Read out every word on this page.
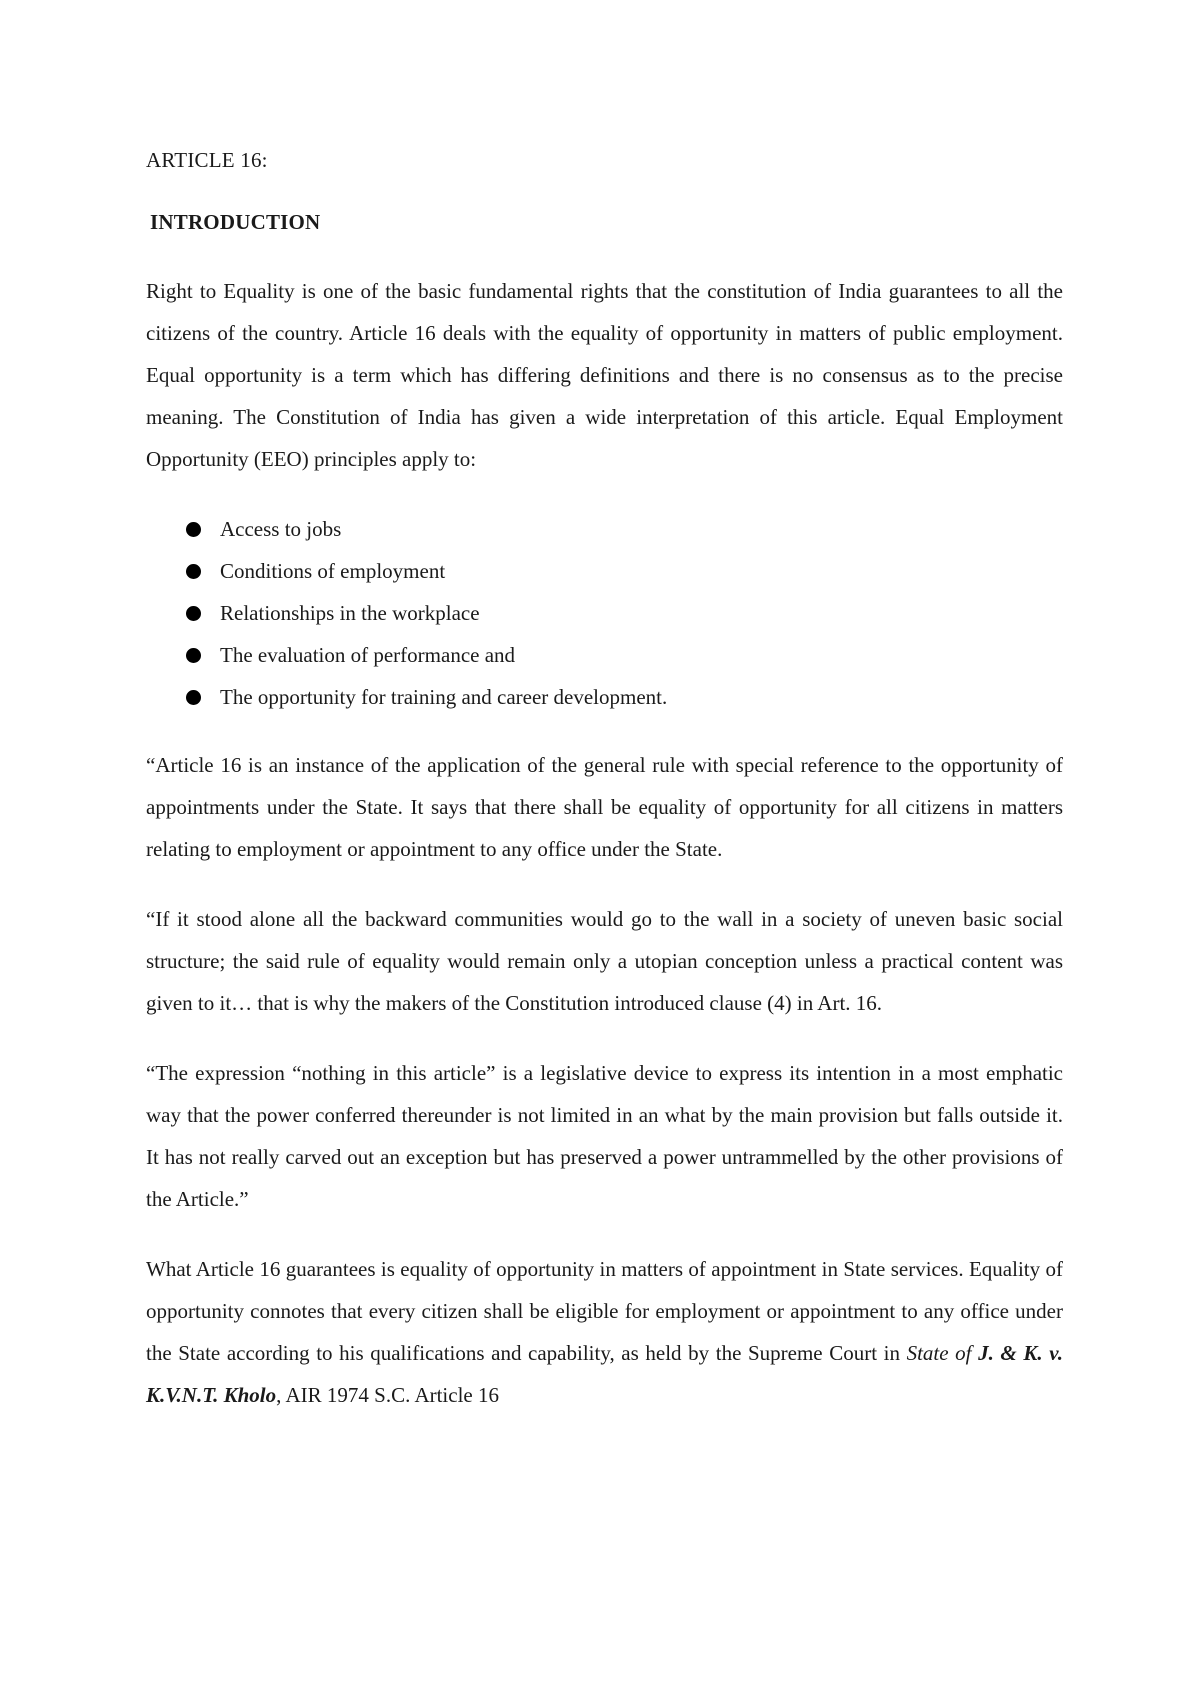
ARTICLE 16:
INTRODUCTION

Right to Equality is one of the basic fundamental rights that the constitution of India guarantees to all the citizens of the country. Article 16 deals with the equality of opportunity in matters of public employment. Equal opportunity is a term which has differing definitions and there is no consensus as to the precise meaning. The Constitution of India has given a wide interpretation of this article. Equal Employment Opportunity (EEO) principles apply to:

Access to jobs
Conditions of employment
Relationships in the workplace
The evaluation of performance and
The opportunity for training and career development.

“Article 16 is an instance of the application of the general rule with special reference to the opportunity of appointments under the State. It says that there shall be equality of opportunity for all citizens in matters relating to employment or appointment to any office under the State.

“If it stood alone all the backward communities would go to the wall in a society of uneven basic social structure; the said rule of equality would remain only a utopian conception unless a practical content was given to it… that is why the makers of the Constitution introduced clause (4) in Art. 16.

“The expression “nothing in this article” is a legislative device to express its intention in a most emphatic way that the power conferred thereunder is not limited in an what by the main provision but falls outside it. It has not really carved out an exception but has preserved a power untrammelled by the other provisions of the Article.”

What Article 16 guarantees is equality of opportunity in matters of appointment in State services. Equality of opportunity connotes that every citizen shall be eligible for employment or appointment to any office under the State according to his qualifications and capability, as held by the Supreme Court in State of J. & K. v. K.V.N.T. Kholo, AIR 1974 S.C. Article 16
